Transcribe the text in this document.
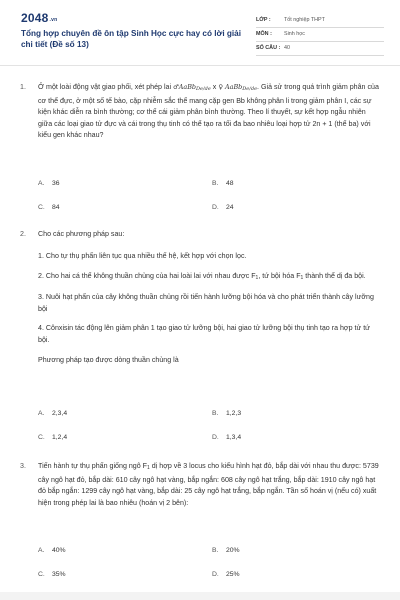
2048.vn
Tổng hợp chuyên đề ôn tập Sinh Học cực hay có lời giải chi tiết (Đề số 13)
LỚP : Tốt nghiệp THPT
MÔN : Sinh học
SỐ CÂU : 40
1. Ở một loài động vật giao phối, xét phép lai ♂AaBb$_{De/de}$ x ♀ AaBb$_{De/de}$. Giả sử trong quá trình giảm phân của cơ thể đực, ở một số tế bào, cặp nhiễm sắc thể mang cặp gen Bb không phân li trong giảm phân I, các sự kiện khác diễn ra bình thường; cơ thể cái giảm phân bình thường. Theo lí thuyết, sự kết hợp ngẫu nhiên giữa các loại giao tử đực và cái trong thụ tinh có thể tạo ra tối đa bao nhiêu loại hợp tử 2n + 1 (thể ba) với kiểu gen khác nhau?
A. 36	B. 48
C. 84	D. 24
2. Cho các phương pháp sau:
1. Cho tự thụ phấn liên tục qua nhiều thế hệ, kết hợp với chọn lọc.
2. Cho hai cá thể không thuần chủng của hai loài lai với nhau được $F_1$, tứ bội hóa $F_1$ thành thể dị đa bội.
3. Nuôi hạt phấn của cây không thuần chủng rồi tiến hành lưỡng bội hóa và cho phát triển thành cây lưỡng bội
4. Cônxisin tác động lên giảm phân 1 tạo giao tử lưỡng bội, hai giao tử lưỡng bội thụ tinh tạo ra hợp tử tứ bội.
Phương pháp tạo được dòng thuần chủng là
A. 2,3,4	B. 1,2,3
C. 1,2,4	D. 1,3,4
3. Tiến hành tự thụ phấn giống ngô $F_1$ dị hợp về 3 locus cho kiểu hình hạt đỏ, bắp dài với nhau thu được: 5739 cây ngô hạt đỏ, bắp dài: 610 cây ngô hạt vàng, bắp ngắn: 608 cây ngô hạt trắng, bắp dài: 1910 cây ngô hạt đỏ bắp ngắn: 1299 cây ngô hạt vàng, bắp dài: 25 cây ngô hạt trắng, bắp ngắn. Tần số hoán vị (nếu có) xuất hiện trong phép lai là bao nhiêu (hoán vị 2 bên):
A. 40%	B. 20%
C. 35%	D. 25%
